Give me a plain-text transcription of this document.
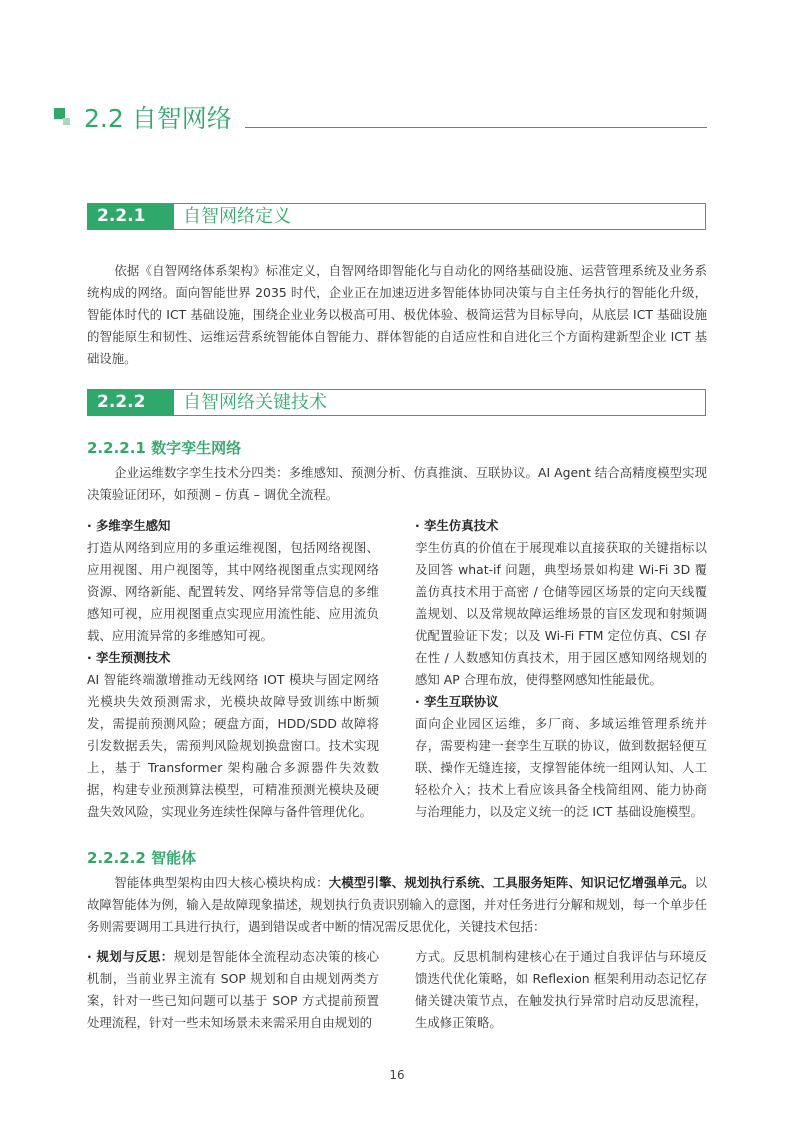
2.2 自智网络
2.2.1	自智网络定义
依据《自智网络体系架构》标准定义，自智网络即智能化与自动化的网络基础设施、运营管理系统及业务系统构成的网络。面向智能世界 2035 时代，企业正在加速迈进多智能体协同决策与自主任务执行的智能化升级，智能体时代的 ICT 基础设施，围绕企业业务以极高可用、极优体验、极简运营为目标导向，从底层 ICT 基础设施的智能原生和韧性、运维运营系统智能体自智能力、群体智能的自适应性和自进化三个方面构建新型企业 ICT 基础设施。
2.2.2	自智网络关键技术
2.2.2.1 数字孪生网络
企业运维数字孪生技术分四类：多维感知、预测分析、仿真推演、互联协议。AI Agent 结合高精度模型实现决策验证闭环，如预测 – 仿真 – 调优全流程。

· 多维孪生感知
打造从网络到应用的多重运维视图，包括网络视图、应用视图、用户视图等，其中网络视图重点实现网络资源、网络新能、配置转发、网络异常等信息的多维感知可视，应用视图重点实现应用流性能、应用流负载、应用流异常的多维感知可视。

· 孪生预测技术
AI 智能终端激增推动无线网络 IOT 模块与固定网络光模块失效预测需求，光模块故障导致训练中断频发，需提前预测风险；硬盘方面，HDD/SDD 故障将引发数据丢失，需预判风险规划换盘窗口。技术实现上，基于 Transformer 架构融合多源器件失效数据，构建专业预测算法模型，可精准预测光模块及硬盘失效风险，实现业务连续性保障与备件管理优化。

· 孪生仿真技术
孪生仿真的价值在于展现难以直接获取的关键指标以及回答 what-if 问题，典型场景如构建 Wi-Fi 3D 覆盖仿真技术用于高密 / 仓储等园区场景的定向天线覆盖规划、以及常规故障运维场景的盲区发现和射频调优配置验证下发；以及 Wi-Fi FTM 定位仿真、CSI 存在性 / 人数感知仿真技术，用于园区感知网络规划的感知 AP 合理布放，使得整网感知性能最优。

· 孪生互联协议
面向企业园区运维，多厂商、多域运维管理系统并存，需要构建一套孪生互联的协议，做到数据轻便互联、操作无缝连接，支撑智能体统一组网认知、人工轻松介入；技术上看应该具备全栈简组网、能力协商与治理能力，以及定义统一的泛 ICT 基础设施模型。

2.2.2.2 智能体
智能体典型架构由四大核心模块构成：大模型引擎、规划执行系统、工具服务矩阵、知识记忆增强单元。以故障智能体为例，输入是故障现象描述，规划执行负责识别输入的意图，并对任务进行分解和规划，每一个单步任务则需要调用工具进行执行，遇到错误或者中断的情况需反思优化，关键技术包括：

· 规划与反思：规划是智能体全流程动态决策的核心机制，当前业界主流有 SOP 规划和自由规划两类方案，针对一些已知问题可以基于 SOP 方式提前预置处理流程，针对一些未知场景未来需采用自由规划的

方式。反思机制构建核心在于通过自我评估与环境反馈迭代优化策略，如 Reflexion 框架利用动态记忆存储关键决策节点，在触发执行异常时启动反思流程，生成修正策略。

16
